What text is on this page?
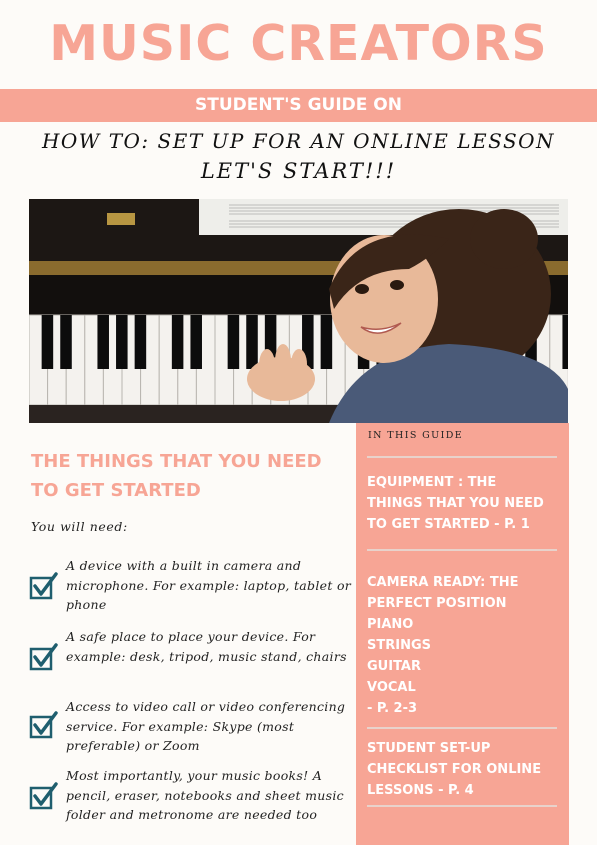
MUSIC CREATORS
STUDENT'S GUIDE ON
HOW TO: SET UP FOR AN ONLINE LESSON
LET'S START!!!
THE THINGS THAT YOU NEED TO GET STARTED
You will need:
A device with a built in camera and microphone. For example: laptop, tablet or phone
A safe place to place your device. For example: desk, tripod, music stand, chairs
Access to video call or video conferencing service. For example: Skype (most preferable) or Zoom
Most importantly, your music books! A pencil, eraser, notebooks and sheet music folder and metronome are needed too
IN THIS GUIDE
EQUIPMENT : THE
THINGS THAT YOU NEED
TO GET STARTED - P. 1
CAMERA READY: THE
PERFECT POSITION
PIANO
STRINGS
GUITAR
VOCAL
- P. 2-3
STUDENT SET-UP
CHECKLIST FOR ONLINE
LESSONS - P. 4
